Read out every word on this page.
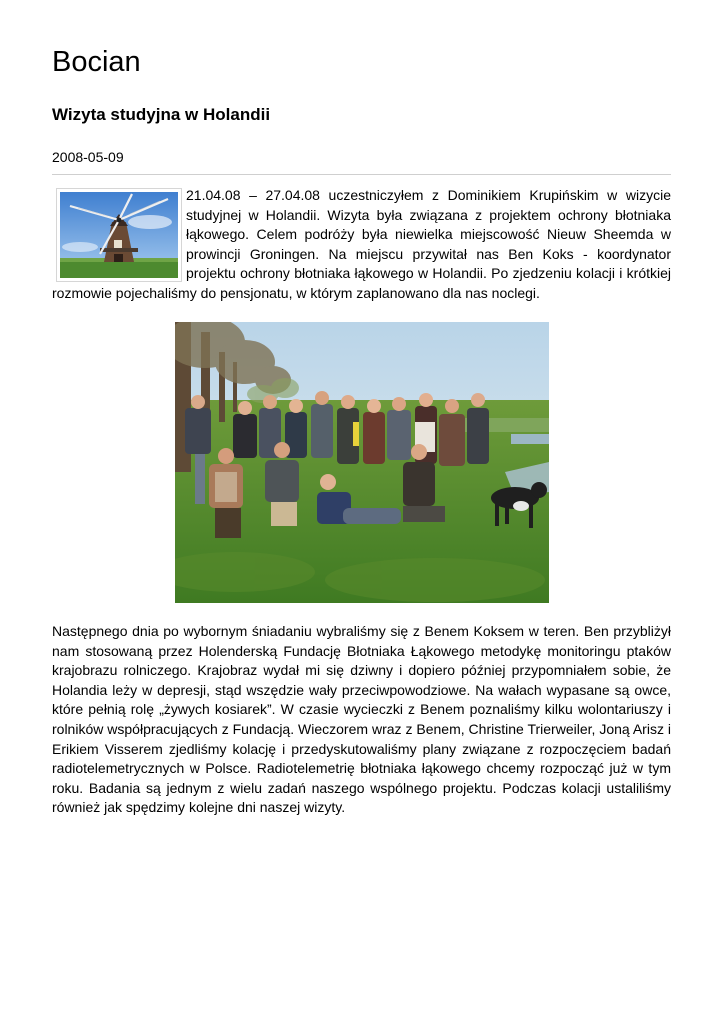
Bocian
Wizyta studyjna w Holandii
2008-05-09

21.04.08 – 27.04.08 uczestniczyłem z Dominikiem Krupińskim w wizycie studyjnej w Holandii. Wizyta była związana z projektem ochrony błotniaka łąkowego. Celem podróży była niewielka miejscowość Nieuw Sheemda w prowincji Groningen. Na miejscu przywitał nas Ben Koks - koordynator projektu ochrony błotniaka łąkowego w Holandii. Po zjedzeniu kolacji i krótkiej rozmowie pojechaliśmy do pensjonatu, w którym zaplanowano dla nas noclegi.

Następnego dnia po wybornym śniadaniu wybraliśmy się z Benem Koksem w teren. Ben przybliżył nam stosowaną przez Holenderską Fundację Błotniaka Łąkowego metodykę monitoringu ptaków krajobrazu rolniczego. Krajobraz wydał mi się dziwny i dopiero później przypomniałem sobie, że Holandia leży w depresji, stąd wszędzie wały przeciwpowodziowe. Na wałach wypasane są owce, które pełnią rolę „żywych kosiarek”. W czasie wycieczki z Benem poznaliśmy kilku wolontariuszy i rolników współpracujących z Fundacją. Wieczorem wraz z Benem, Christine Trierweiler, Joną Arisz i Erikiem Visserem zjedliśmy kolację i przedyskutowaliśmy plany związane z rozpoczęciem badań radiotelemetrycznych w Polsce. Radiotelemetrię błotniaka łąkowego chcemy rozpocząć już w tym roku. Badania są jednym z wielu zadań naszego wspólnego projektu. Podczas kolacji ustaliliśmy również jak spędzimy kolejne dni naszej wizyty.
